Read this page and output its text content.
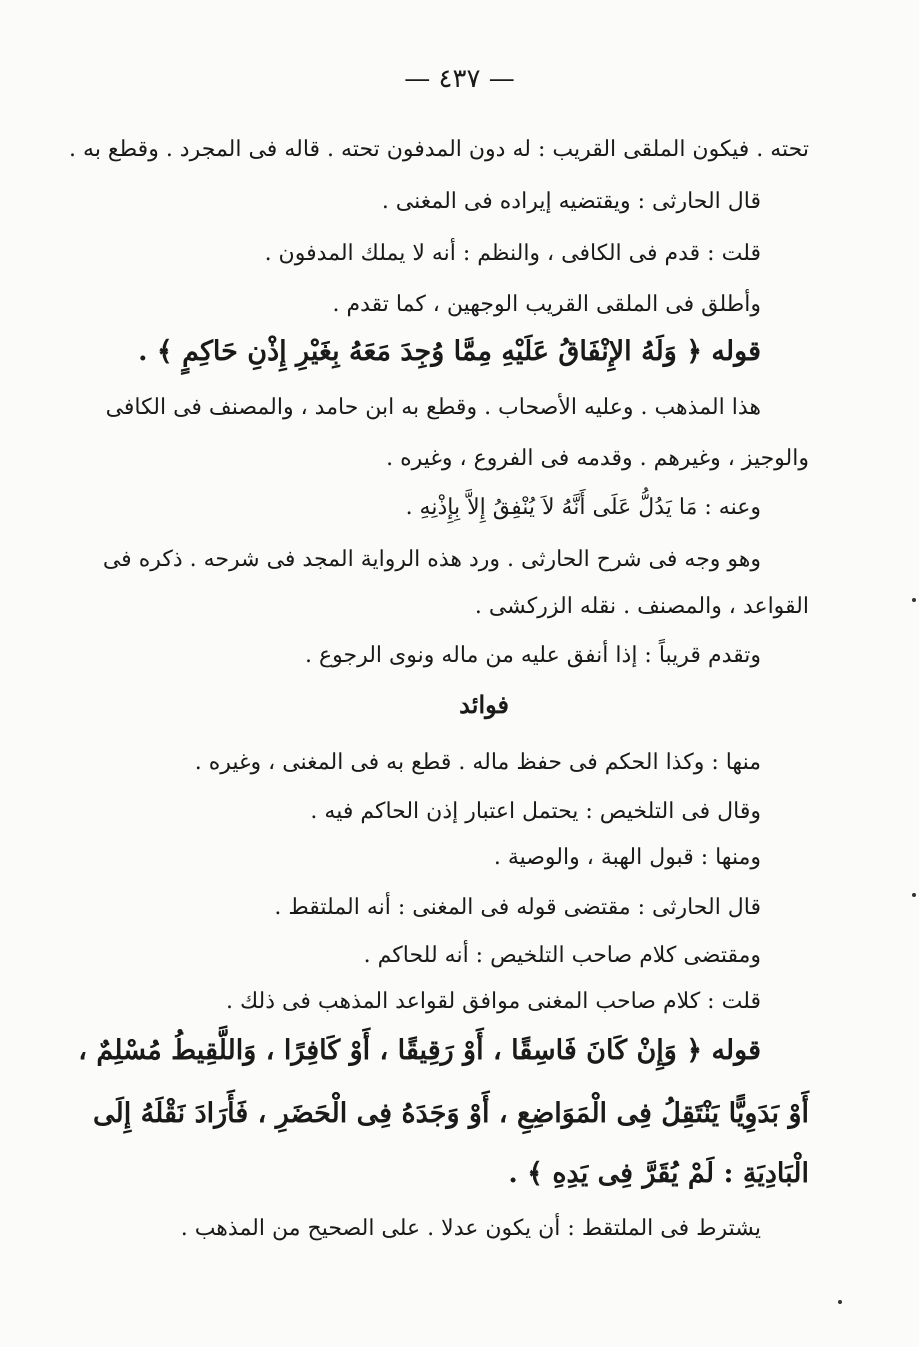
— ٤٣٧ —
تحته . فيكون الملقى القريب : له دون المدفون تحته . قاله فى المجرد . وقطع به .
قال الحارثى : ويقتضيه إيراده فى المغنى .
قلت : قدم فى الكافى ، والنظم : أنه لا يملك المدفون .
وأطلق فى الملقى القريب الوجهين ، كما تقدم .
قوله ﴿ وَلَهُ الإِنْفَاقُ عَلَيْهِ مِمَّا وُجِدَ مَعَهُ بِغَيْرِ إِذْنِ حَاكِمٍ ﴾ .
هذا المذهب . وعليه الأصحاب . وقطع به ابن حامد ، والمصنف فى الكافى
والوجيز ، وغيرهم . وقدمه فى الفروع ، وغيره .
وعنه : مَا يَدُلُّ عَلَى أَنَّهُ لاَ يُنْفِقُ إِلاَّ بِإِذْنِهِ .
وهو وجه فى شرح الحارثى . ورد هذه الرواية المجد فى شرحه . ذكره فى
القواعد ، والمصنف . نقله الزركشى .
وتقدم قريباً : إذا أنفق عليه من ماله ونوى الرجوع .
فوائد
منها : وكذا الحكم فى حفظ ماله . قطع به فى المغنى ، وغيره .
وقال فى التلخيص : يحتمل اعتبار إذن الحاكم فيه .
ومنها : قبول الهبة ، والوصية .
قال الحارثى : مقتضى قوله فى المغنى : أنه الملتقط .
ومقتضى كلام صاحب التلخيص : أنه للحاكم .
قلت : كلام صاحب المغنى موافق لقواعد المذهب فى ذلك .
قوله ﴿ وَإِنْ كَانَ فَاسِقًا ، أَوْ رَقِيقًا ، أَوْ كَافِرًا ، وَاللَّقِيطُ مُسْلِمٌ ،
أَوْ بَدَوِيًّا يَنْتَقِلُ فِى الْمَوَاضِعِ ، أَوْ وَجَدَهُ فِى الْحَضَرِ ، فَأَرَادَ نَقْلَهُ إِلَى
الْبَادِيَةِ : لَمْ يُقَرَّ فِى يَدِهِ ﴾ .
يشترط فى الملتقط : أن يكون عدلا . على الصحيح من المذهب .
